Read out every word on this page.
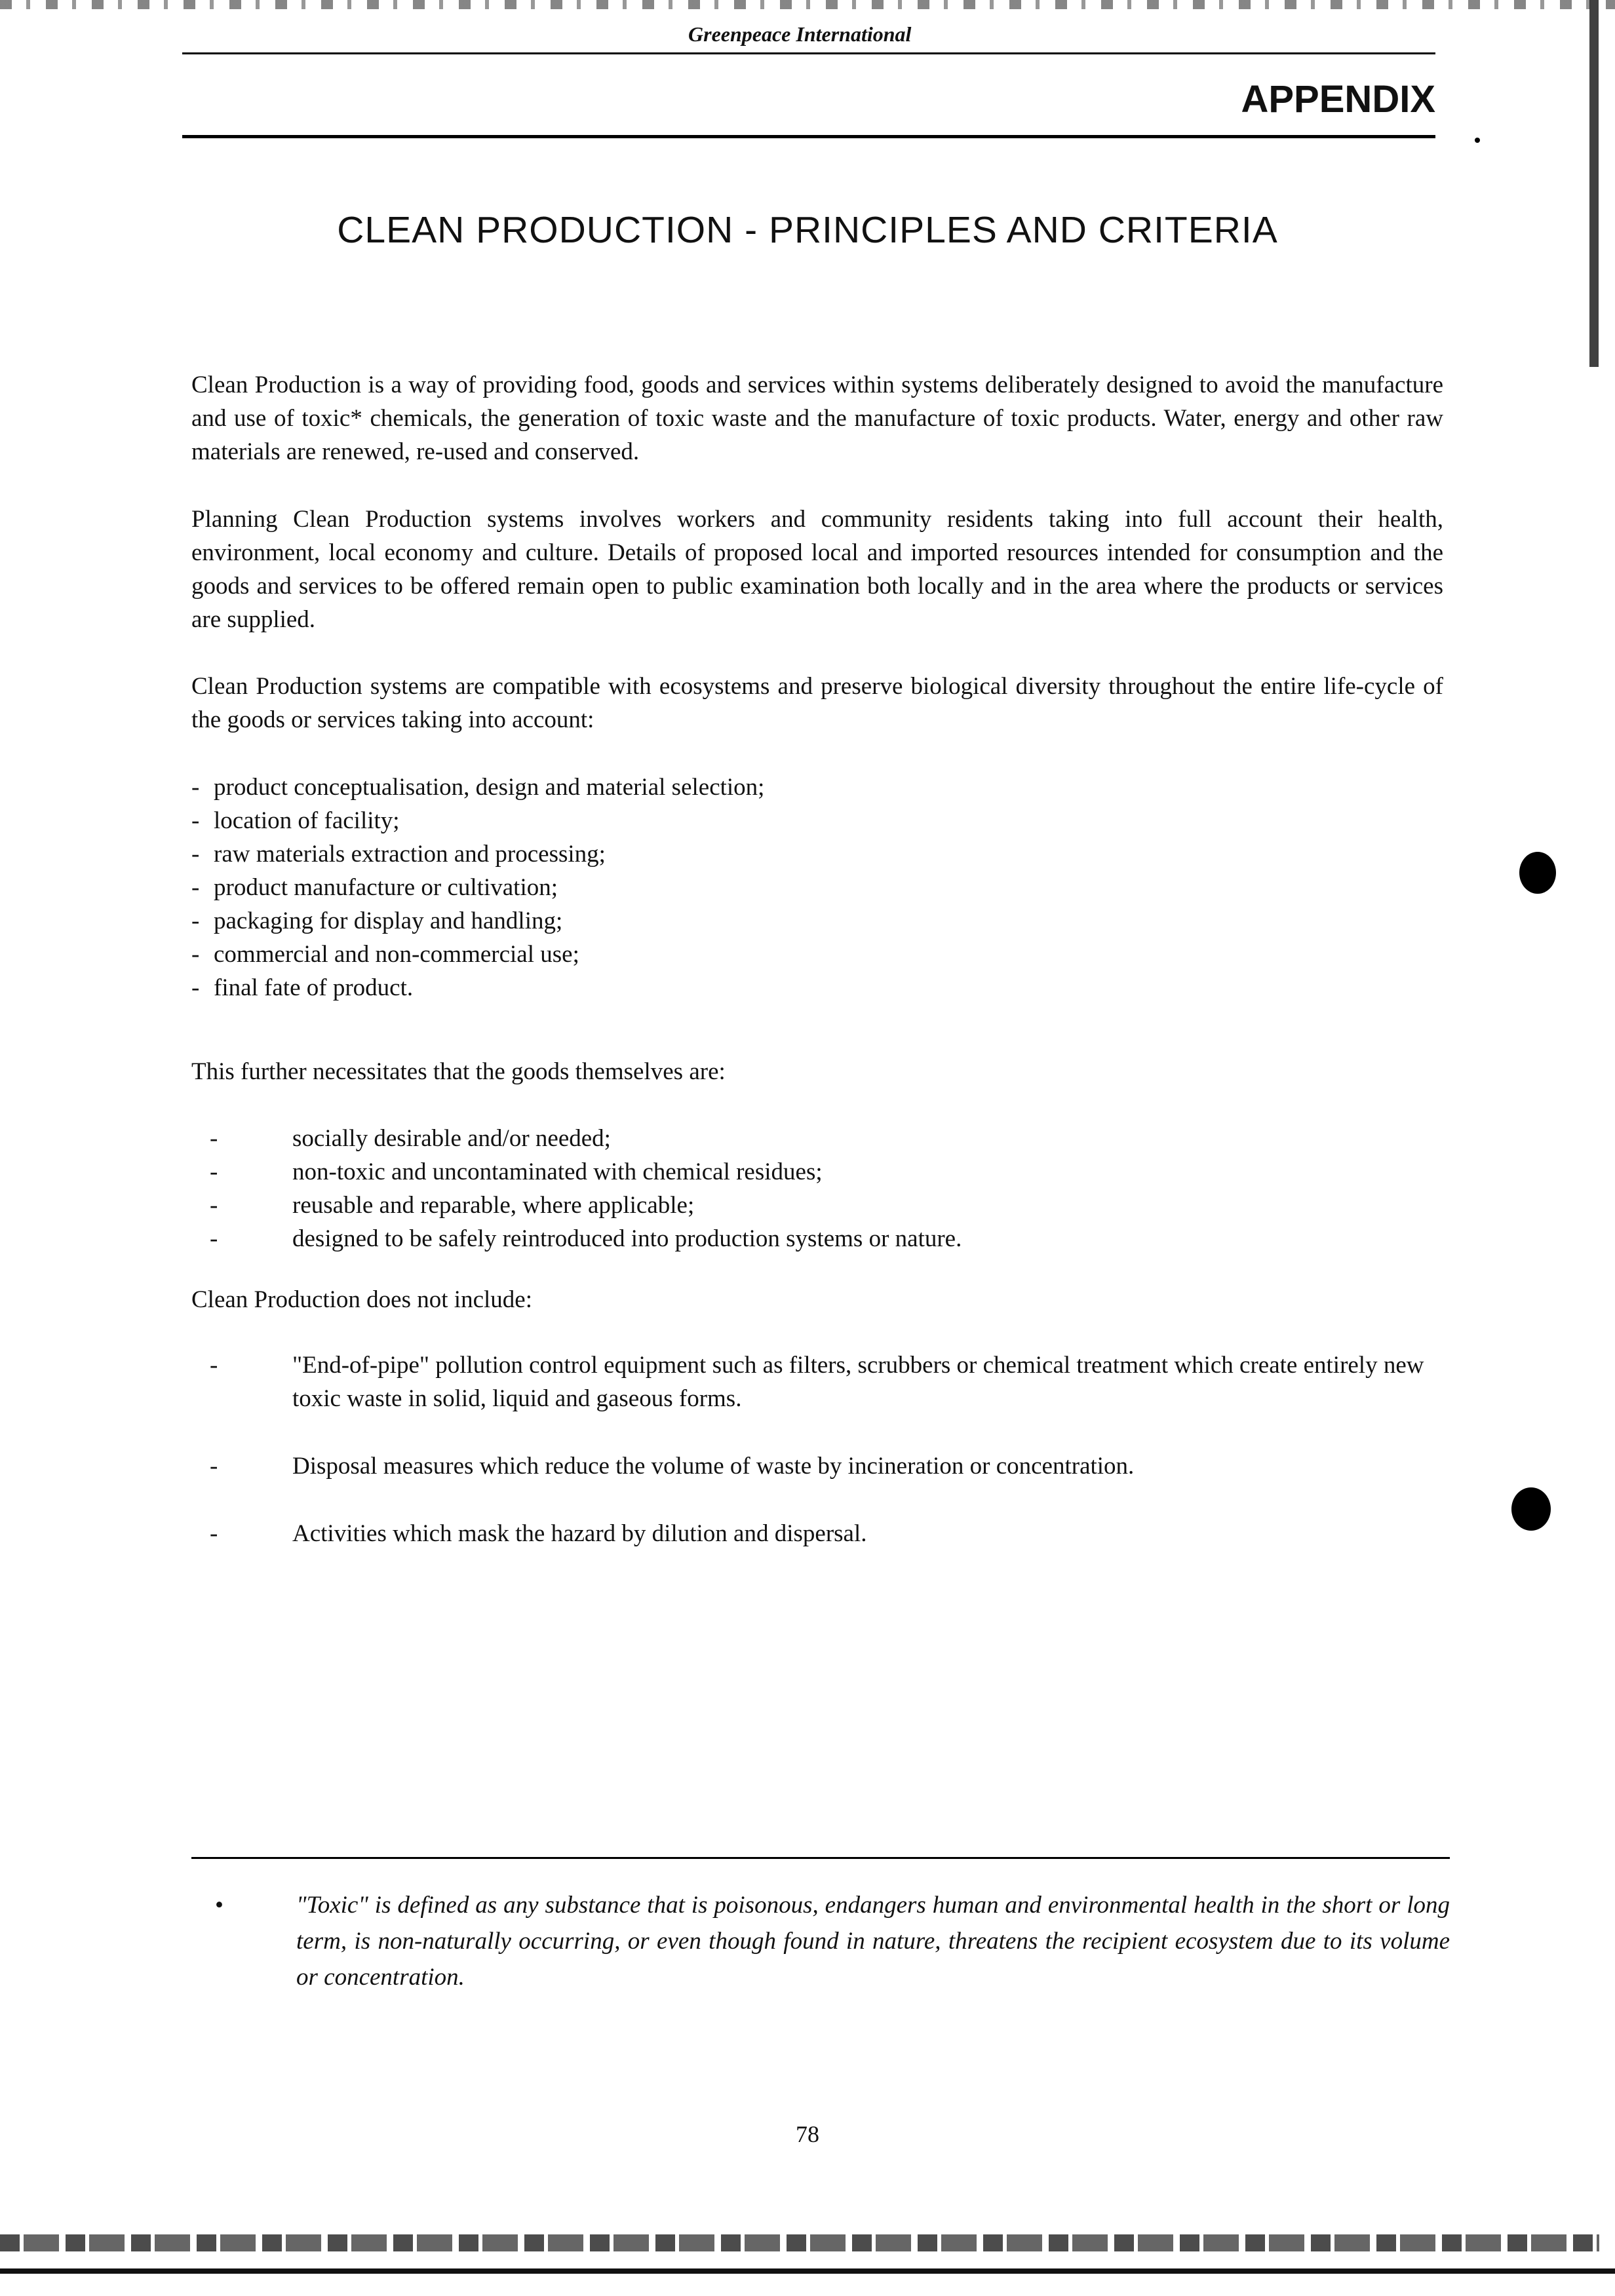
Greenpeace International
APPENDIX
CLEAN PRODUCTION - PRINCIPLES AND CRITERIA

Clean Production is a way of providing food, goods and services within systems deliberately designed to avoid the manufacture and use of toxic* chemicals, the generation of toxic waste and the manufacture of toxic products. Water, energy and other raw materials are renewed, re-used and conserved.

Planning Clean Production systems involves workers and community residents taking into full account their health, environment, local economy and culture. Details of proposed local and imported resources intended for consumption and the goods and services to be offered remain open to public examination both locally and in the area where the products or services are supplied.

Clean Production systems are compatible with ecosystems and preserve biological diversity throughout the entire life-cycle of the goods or services taking into account:

- product conceptualisation, design and material selection;
- location of facility;
- raw materials extraction and processing;
- product manufacture or cultivation;
- packaging for display and handling;
- commercial and non-commercial use;
- final fate of product.

This further necessitates that the goods themselves are:

-	socially desirable and/or needed;
-	non-toxic and uncontaminated with chemical residues;
-	reusable and reparable, where applicable;
-	designed to be safely reintroduced into production systems or nature.

Clean Production does not include:

-	"End-of-pipe" pollution control equipment such as filters, scrubbers or chemical treatment which create entirely new toxic waste in solid, liquid and gaseous forms.
-	Disposal measures which reduce the volume of waste by incineration or concentration.
-	Activities which mask the hazard by dilution and dispersal.
•	"Toxic" is defined as any substance that is poisonous, endangers human and environmental health in the short or long term, is non-naturally occurring, or even though found in nature, threatens the recipient ecosystem due to its volume or concentration.
78
